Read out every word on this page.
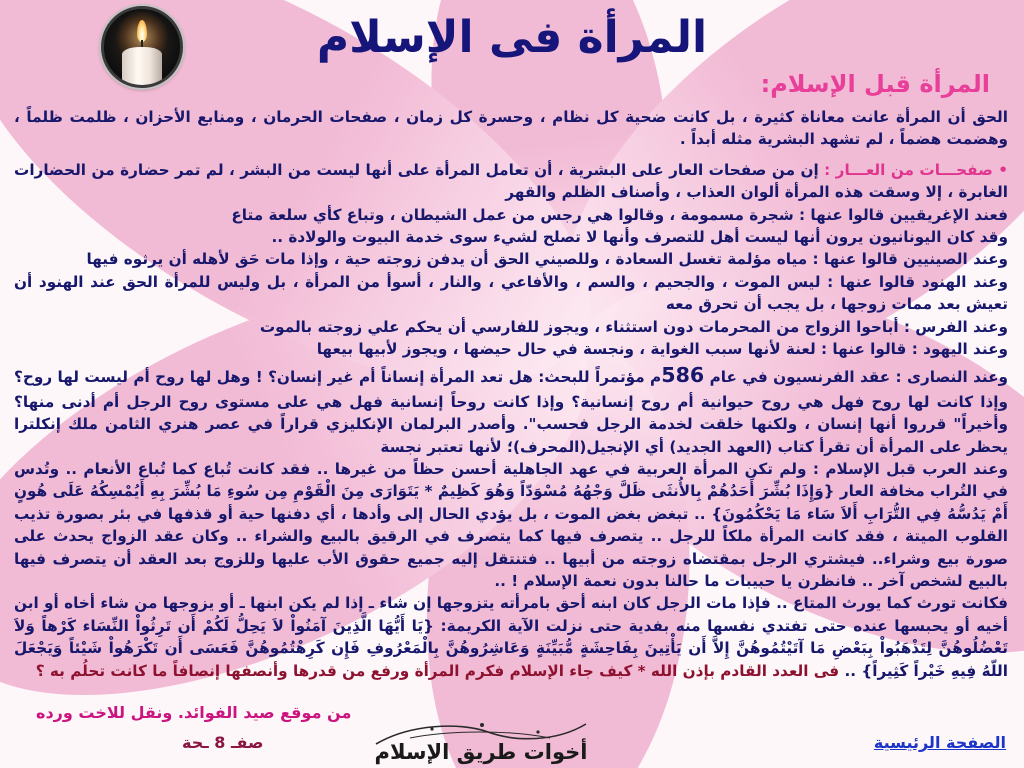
المرأة فى الإسلام
المرأة قبل الإسلام:

الحق أن المرأة عانت معاناة كثيرة ، بل كانت ضحية كل نظام ، وحسرة كل زمان ، صفحات الحرمان ، ومنابع الأحزان ، ظلمت ظلماً ، وهضمت هضماً ، لم تشهد البشرية مثله أبداً .

• صفحـــات من العـــار : إن من صفحات العار على البشرية ، أن تعامل المرأة على أنها ليست من البشر ، لم تمر حضارة من الحضارات الغابرة ، إلا وسقت هذه المرأة ألوان العذاب ، وأصناف الظلم والقهر

فعند الإغريقيين قالوا عنها : شجرة مسمومة ، وقالوا هي رجس من عمل الشيطان ، وتباع كأي سلعة متاع

وقد كان اليونانيون يرون أنها ليست أهل للتصرف وأنها لا تصلح لشيء سوى خدمة البيوت والولادة ..

وعند الصينيين قالوا عنها : مياه مؤلمة تغسل السعادة ، وللصيني الحق أن يدفن زوجته حية ، وإذا مات حَق لأهله أن يرثوه فيها

وعند الهنود قالوا عنها : ليس الموت ، والجحيم ، والسم ، والأفاعي ، والنار ، أسوأ من المرأة ، بل وليس للمرأة الحق عند الهنود أن تعيش بعد ممات زوجها ، بل يجب أن تحرق معه

وعند الفرس : أباحوا الزواج من المحرمات دون استثناء ، ويجوز للفارسي أن يحكم علي زوجته بالموت

وعند اليهود : قالوا عنها : لعنة لأنها سبب الغواية ، ونجسة في حال حيضها ، ويجوز لأبيها بيعها

وعند النصارى : عقد الفرنسيون في عام 586م مؤتمراً للبحث: هل تعد المرأة إنساناً أم غير إنسان؟ ! وهل لها روح أم ليست لها روح؟ وإذا كانت لها روح فهل هي روح حيوانية أم روح إنسانية؟ وإذا كانت روحاً إنسانية فهل هي على مستوى روح الرجل أم أدنى منها؟ وأخيراً" قرروا أنها إنسان ، ولكنها خلقت لخدمة الرجل فحسب". وأصدر البرلمان الإنكليزي قراراً في عصر هنري الثامن ملك إنكلترا يحظر على المرأة أن تقرأ كتاب (العهد الجديد) أي الإنجيل(المحرف)؛ لأنها تعتبر نجسة

وعند العرب قبل الإسلام : ولم تكن المرأة العربية في عهد الجاهلية أحسن حظاً من غيرها .. فقد كانت تُباع كما تُباع الأنعام .. وتُدس في التُراب مخافة العار {وَإِذَا بُشِّرَ أَحَدُهُمْ بِالأُنثَى ظَلَّ وَجْهُهُ مُسْوَدّاً وَهُوَ كَظِيمٌ * يَتَوَارَى مِنَ الْقَوْمِ مِن سُوءِ مَا بُشِّرَ بِهِ أَيُمْسِكُهُ عَلَى هُونٍ أَمْ يَدُسُّهُ فِي التُّرَابِ أَلاَ سَاء مَا يَحْكُمُونَ} .. تبغض بغض الموت ، بل يؤدي الحال إلى وأدها ، أي دفنها حية أو قذفها في بئر بصورة تذيب القلوب الميتة ، فقد كانت المرأة ملكاً للرجل .. يتصرف فيها كما يتصرف في الرقيق بالبيع والشراء .. وكان عقد الزواج يحدث على صورة بيع وشراء.. فيشتري الرجل بمقتضاه زوجته من أبيها .. فتنتقل إليه جميع حقوق الأب عليها وللزوج بعد العقد أن يتصرف فيها بالبيع لشخص آخر .. فانظرن يا حبيبات ما حالنا بدون نعمة الإسلام ! ..

فكانت تورث كما يورث المتاع .. فإذا مات الرجل كان ابنه أحق بامرأته يتزوجها إن شاء ـ إذا لم يكن ابنها ـ أو يزوجها من شاء أخاه أو ابن أخيه أو يحبسها عنده حتى تفتدي نفسها منه بفدية حتى نزلت الآية الكريمة: {يَا أَيُّهَا الَّذِينَ آمَنُواْ لاَ يَحِلُّ لَكُمْ أَن تَرِثُواْ النِّسَاء كَرْهاً وَلاَ تَعْضُلُوهُنَّ لِتَذْهَبُواْ بِبَعْضِ مَا آتَيْتُمُوهُنَّ إِلاَّ أَن يَأْتِينَ بِفَاحِشَةٍ مُّبَيِّنَةٍ وَعَاشِرُوهُنَّ بِالْمَعْرُوفِ فَإِن كَرِهْتُمُوهُنَّ فَعَسَى أَن تَكْرَهُواْ شَيْئاً وَيَجْعَلَ اللّهُ فِيهِ خَيْراً كَثِيراً} .. فى العدد القادم بإذن الله * كيف جاء الإسلام فكرم المرأة ورفع من قدرها وأنصفها إنصافاً ما كانت تحلُم به ؟

من موقع صيد الفوائد. ونقل للاخت ورده
صفـ 8 ـحة	أخوات طريق الإسلام	الصفحة الرئيسية
